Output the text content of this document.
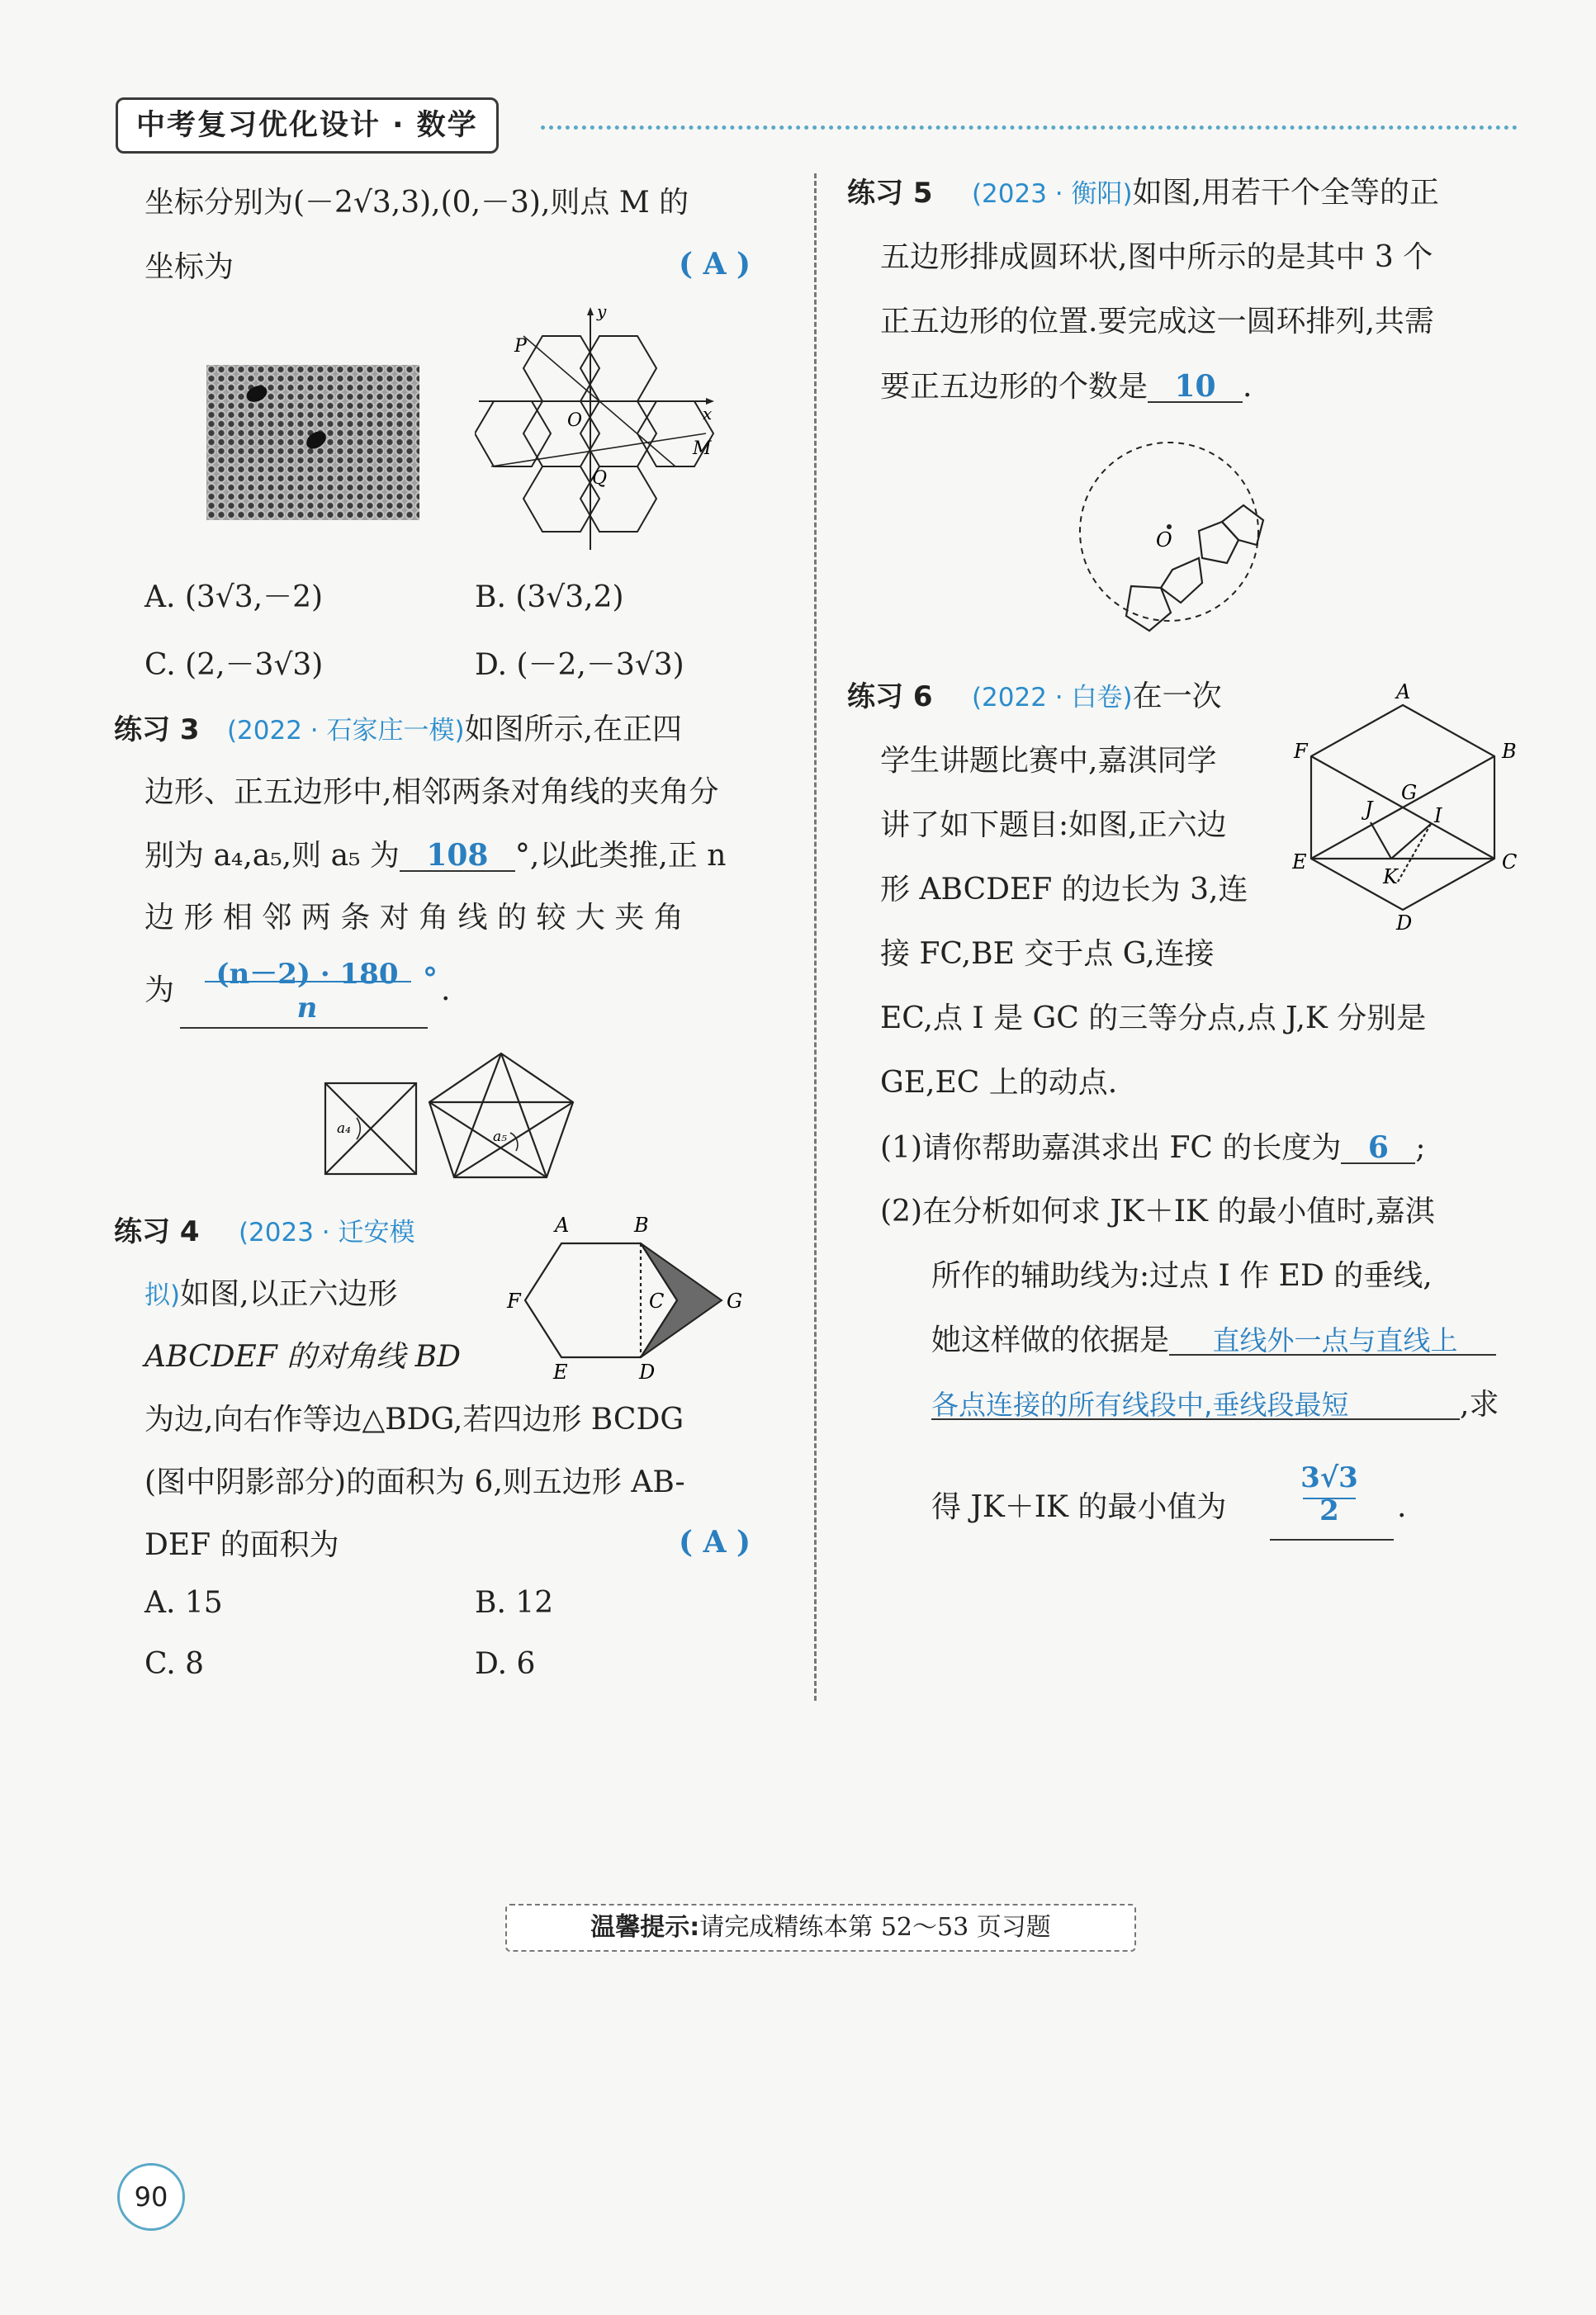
中考复习优化设计 · 数学
坐标分别为(－2√3,3),(0,－3),则点 M 的
坐标为	( A )
P
O
Q
M
x
y
A. (3√3,－2)	B. (3√3,2)
C. (2,－3√3)	D. (－2,－3√3)
练习 3 (2022 · 石家庄一模)如图所示,在正四
边形、正五边形中,相邻两条对角线的夹角分
别为 a₄,a₅,则 a₅ 为 108 °,以此类推,正 n
边 形 相 邻 两 条 对 角 线 的 较 大 夹 角
为	(n－2) · 180
n
° .
a₄	a₅
练习 4 (2023 · 迁安模
拟)如图,以正六边形
ABCDEF 的对角线 BD
为边,向右作等边△BDG,若四边形 BCDG
(图中阴影部分)的面积为 6,则五边形 AB-
DEF 的面积为	( A )
A	B
C
D
E
F	G
A. 15	B. 12
C. 8	D. 6
练习 5 (2023 · 衡阳)如图,用若干个全等的正
五边形排成圆环状,图中所示的是其中 3 个
正五边形的位置.要完成这一圆环排列,共需
要正五边形的个数是 10 .
O
练习 6 (2022 · 白卷)在一次
学生讲题比赛中,嘉淇同学
讲了如下题目:如图,正六边
形 ABCDEF 的边长为 3,连
接 FC,BE 交于点 G,连接
EC,点 I 是 GC 的三等分点,点 J,K 分别是
GE,EC 上的动点.
A
B
C
D
E
F
G
I
J
K
(1)请你帮助嘉淇求出 FC 的长度为 6 ;
(2)在分析如何求 JK＋IK 的最小值时,嘉淇
所作的辅助线为:过点 I 作 ED 的垂线,
她这样做的依据是 直线外一点与直线上
各点连接的所有线段中,垂线段最短	,求
得 JK＋IK 的最小值为
3√3
2	.
温馨提示:请完成精练本第 52～53 页习题
90
